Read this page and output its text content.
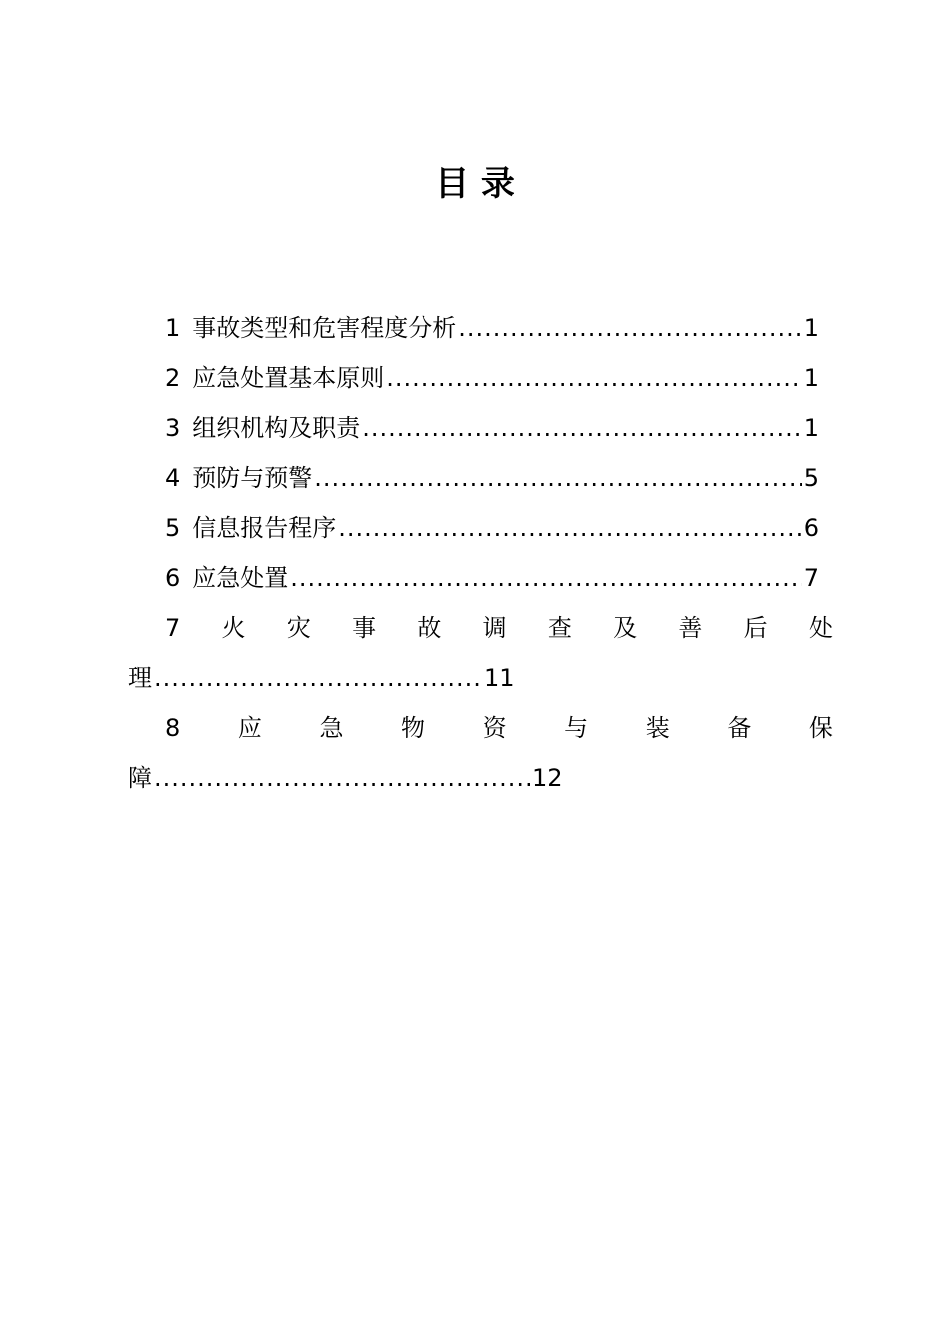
目 录
1 事故类型和危害程度分析 .....	1
2 应急处置基本原则 .....	1
3 组织机构及职责 .....	1
4 预防与预警 .....	5
5 信息报告程序 .....	6
6 应急处置 .....	7
7 火 灾 事 故 调 查 及 善 后 处
理 .....	11
8 应 急 物 资 与 装 备 保
障 .....	12
